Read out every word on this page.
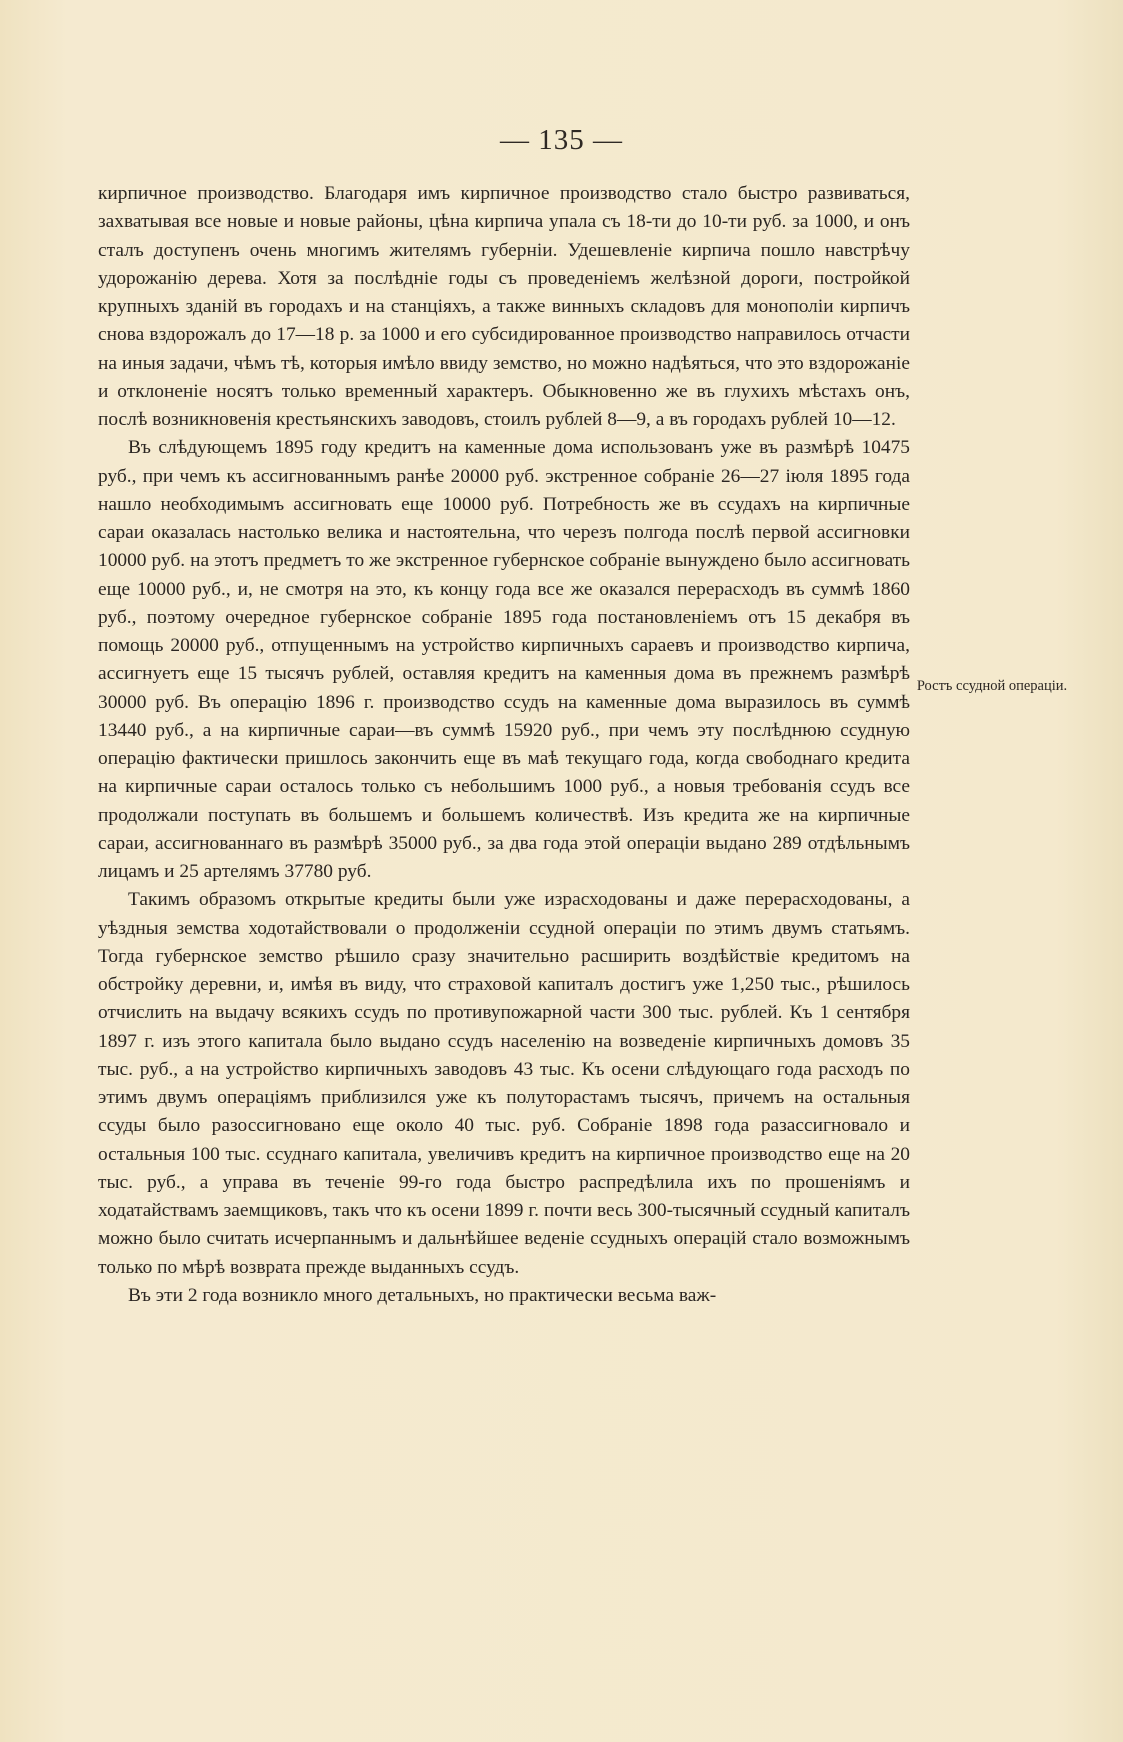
— 135 —

кирпичное производство. Благодаря имъ кирпичное производство стало быстро развиваться, захватывая все новые и новые районы, цѣна кирпича упала съ 18-ти до 10-ти руб. за 1000, и онъ сталъ доступенъ очень многимъ жителямъ губерніи. Удешевленіе кирпича пошло навстрѣчу удорожанію дерева. Хотя за послѣдніе годы съ проведеніемъ желѣзной дороги, постройкой крупныхъ зданій въ городахъ и на станціяхъ, а также винныхъ складовъ для монополіи кирпичъ снова вздорожалъ до 17—18 р. за 1000 и его субсидированное производство направилось отчасти на иныя задачи, чѣмъ тѣ, которыя имѣло ввиду земство, но можно надѣяться, что это вздорожаніе и отклоненіе носятъ только временный характеръ. Обыкновенно же въ глухихъ мѣстахъ онъ, послѣ возникновенія крестьянскихъ заводовъ, стоилъ рублей 8—9, а въ городахъ рублей 10—12.

Въ слѣдующемъ 1895 году кредитъ на каменные дома использованъ уже въ размѣрѣ 10475 руб., при чемъ къ ассигнованнымъ ранѣе 20000 руб. экстренное собраніе 26—27 іюля 1895 года нашло необходимымъ ассигновать еще 10000 руб. Потребность же въ ссудахъ на кирпичные сараи оказалась настолько велика и настоятельна, что черезъ полгода послѣ первой ассигновки 10000 руб. на этотъ предметъ то же экстренное губернское собраніе вынуждено было ассигновать еще 10000 руб., и, не смотря на это, къ концу года все же оказался перерасходъ въ суммѣ 1860 руб., поэтому очередное губернское собраніе 1895 года постановленіемъ отъ 15 декабря въ помощь 20000 руб., отпущеннымъ на устройство кирпичныхъ сараевъ и производство кирпича, ассигнуетъ еще 15 тысячъ рублей, оставляя кредитъ на каменныя дома въ прежнемъ размѣрѣ 30000 руб. Въ операцію 1896 г. производство ссудъ на каменные дома выразилось въ суммѣ 13440 руб., а на кирпичные сараи—въ суммѣ 15920 руб., при чемъ эту послѣднюю ссудную операцію фактически пришлось закончить еще въ маѣ текущаго года, когда свободнаго кредита на кирпичные сараи осталось только съ небольшимъ 1000 руб., а новыя требованія ссудъ все продолжали поступать въ большемъ и большемъ количествѣ. Изъ кредита же на кирпичные сараи, ассигнованнаго въ размѣрѣ 35000 руб., за два года этой операціи выдано 289 отдѣльнымъ лицамъ и 25 артелямъ 37780 руб.

Такимъ образомъ открытые кредиты были уже израсходованы и даже перерасходованы, а уѣздныя земства ходотайствовали о продолженіи ссудной операціи по этимъ двумъ статьямъ. Тогда губернское земство рѣшило сразу значительно расширить воздѣйствіе кредитомъ на обстройку деревни, и, имѣя въ виду, что страховой капиталъ достигъ уже 1,250 тыс., рѣшилось отчислить на выдачу всякихъ ссудъ по противупожарной части 300 тыс. рублей. Къ 1 сентября 1897 г. изъ этого капитала было выдано ссудъ населенію на возведеніе кирпичныхъ домовъ 35 тыс. руб., а на устройство кирпичныхъ заводовъ 43 тыс. Къ осени слѣдующаго года расходъ по этимъ двумъ операціямъ приблизился уже къ полуторастамъ тысячъ, причемъ на остальныя ссуды было разоссигновано еще около 40 тыс. руб. Собраніе 1898 года разассигновало и остальныя 100 тыс. ссуднаго капитала, увеличивъ кредитъ на кирпичное производство еще на 20 тыс. руб., а управа въ теченіе 99-го года быстро распредѣлила ихъ по прошеніямъ и ходатайствамъ заемщиковъ, такъ что къ осени 1899 г. почти весь 300-тысячный ссудный капиталъ можно было считать исчерпаннымъ и дальнѣйшее веденіе ссудныхъ операцій стало возможнымъ только по мѣрѣ возврата прежде выданныхъ ссудъ.

Въ эти 2 года возникло много детальныхъ, но практически весьма важ-

Ростъ ссудной операціи.
